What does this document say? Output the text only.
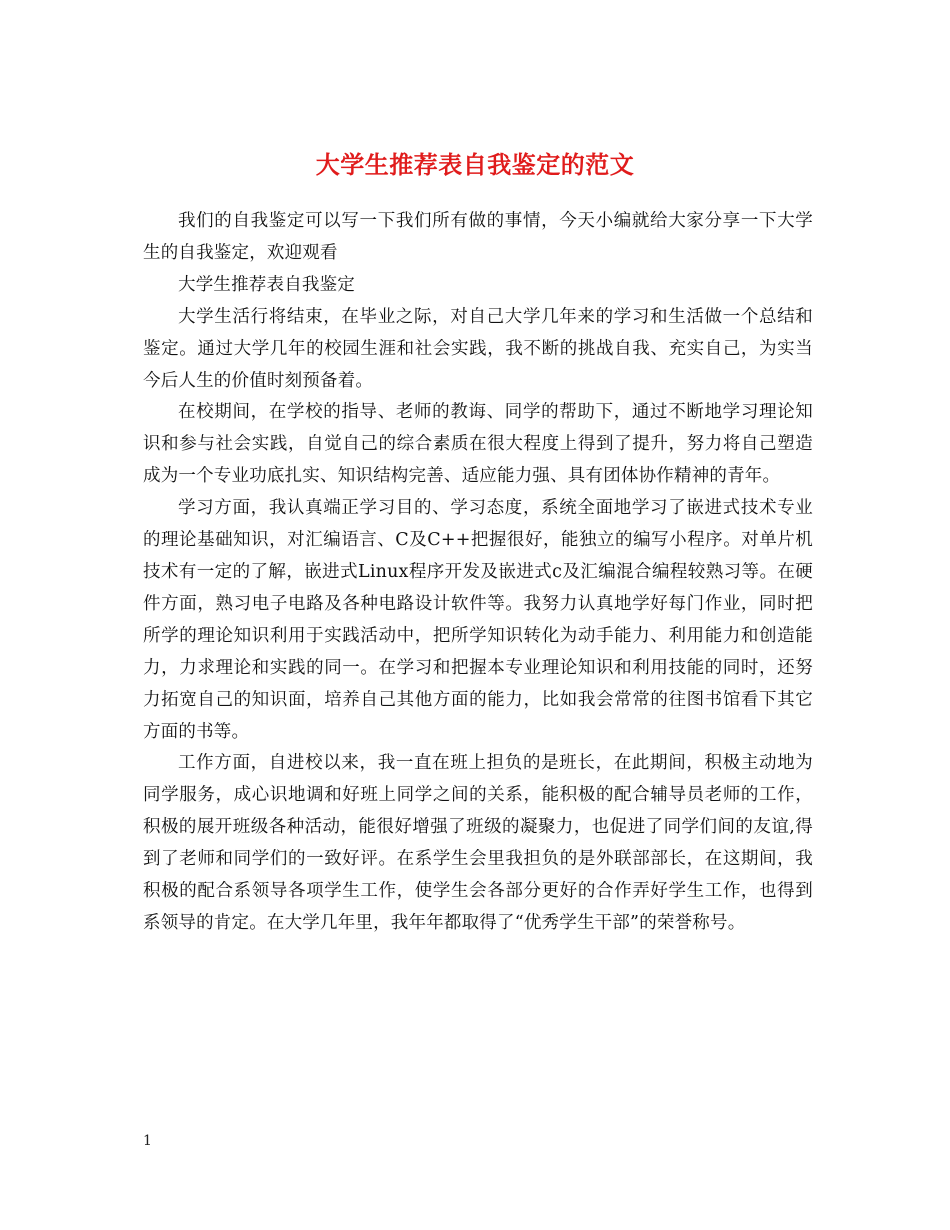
大学生推荐表自我鉴定的范文

我们的自我鉴定可以写一下我们所有做的事情，今天小编就给大家分享一下大学生的自我鉴定，欢迎观看

大学生推荐表自我鉴定

大学生活行将结束，在毕业之际，对自己大学几年来的学习和生活做一个总结和鉴定。通过大学几年的校园生涯和社会实践，我不断的挑战自我、充实自己，为实当今后人生的价值时刻预备着。

在校期间，在学校的指导、老师的教诲、同学的帮助下，通过不断地学习理论知识和参与社会实践，自觉自己的综合素质在很大程度上得到了提升，努力将自己塑造成为一个专业功底扎实、知识结构完善、适应能力强、具有团体协作精神的青年。

学习方面，我认真端正学习目的、学习态度，系统全面地学习了嵌进式技术专业的理论基础知识，对汇编语言、C及C++把握很好，能独立的编写小程序。对单片机技术有一定的了解，嵌进式Linux程序开发及嵌进式c及汇编混合编程较熟习等。在硬件方面，熟习电子电路及各种电路设计软件等。我努力认真地学好每门作业，同时把所学的理论知识利用于实践活动中，把所学知识转化为动手能力、利用能力和创造能力，力求理论和实践的同一。在学习和把握本专业理论知识和利用技能的同时，还努力拓宽自己的知识面，培养自己其他方面的能力，比如我会常常的往图书馆看下其它方面的书等。

工作方面，自进校以来，我一直在班上担负的是班长，在此期间，积极主动地为同学服务，成心识地调和好班上同学之间的关系，能积极的配合辅导员老师的工作，积极的展开班级各种活动，能很好增强了班级的凝聚力，也促进了同学们间的友谊,得到了老师和同学们的一致好评。在系学生会里我担负的是外联部部长，在这期间，我积极的配合系领导各项学生工作，使学生会各部分更好的合作弄好学生工作，也得到系领导的肯定。在大学几年里，我年年都取得了“优秀学生干部”的荣誉称号。

1
